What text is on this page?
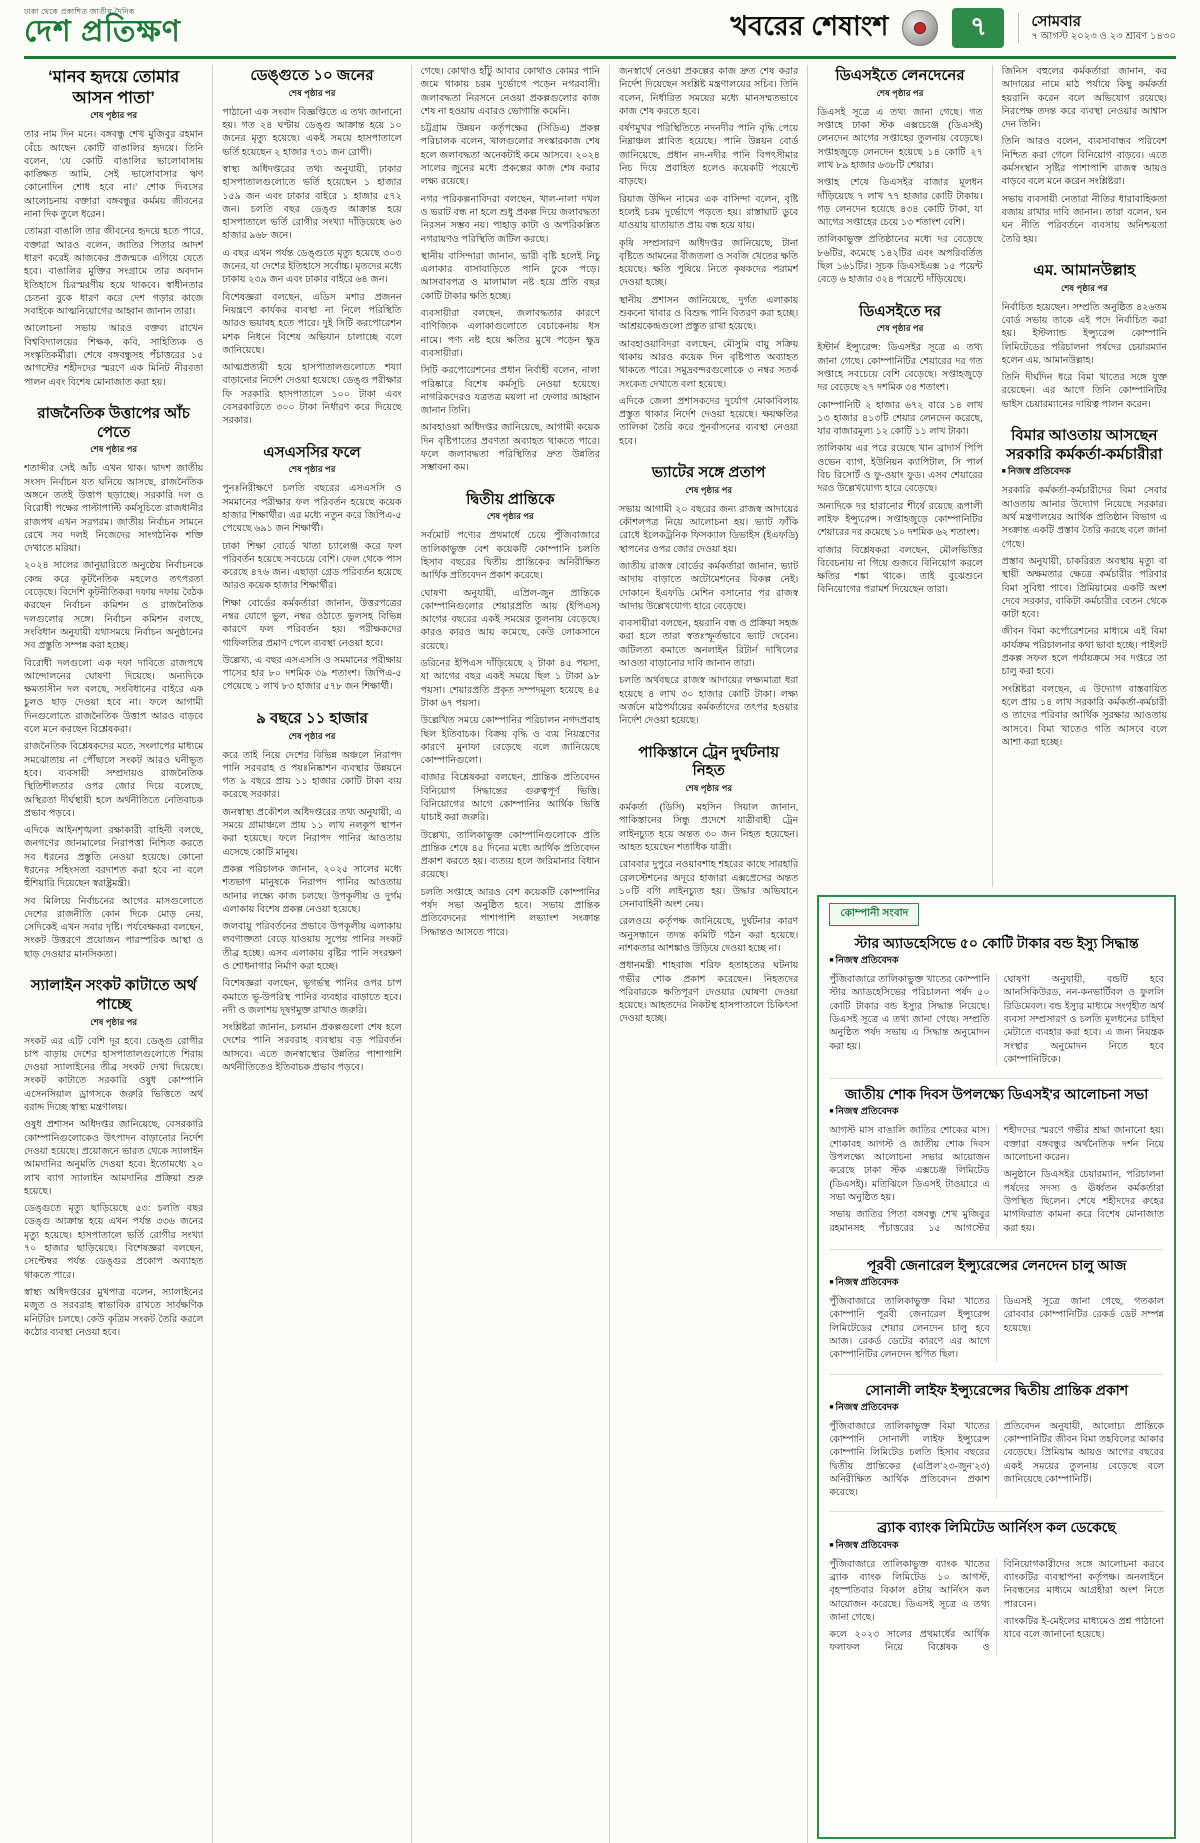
ঢাকা থেকে প্রকাশিত জাতীয় দৈনিক
দেশ প্রতিক্ষণ	খবরের শেষাংশ	৭	সোমবার
৭ আগস্ট ২০২৩ ও ২৩ শ্রাবণ ১৪৩০
‘মানব হৃদয়ে তোমার আসন পাতা’
শেষ পৃষ্ঠার পর

তার নাম দিন মনে। বঙ্গবন্ধু শেখ মুজিবুর রহমান বেঁচে আছেন কোটি বাঙালির হৃদয়ে। তিনি বলেন, ‘যে কোটি বাঙালির ভালোবাসায় কাঙ্ক্ষিত আমি, সেই ভালোবাসার ঋণ কোনোদিন শোধ হবে না।’ শোক দিবসের আলোচনায় বক্তারা বঙ্গবন্ধুর কর্মময় জীবনের নানা দিক তুলে ধরেন।

তোমরা বাঙালি তার জীবনের হৃদয়ে হতে পারে, বক্তারা আরও বলেন, জাতির পিতার আদর্শ ধারণ করেই আজকের প্রজন্মকে এগিয়ে যেতে হবে। বাঙালির মুক্তির সংগ্রামে তার অবদান ইতিহাসে চিরস্মরণীয় হয়ে থাকবে। স্বাধীনতার চেতনা বুকে ধারণ করে দেশ গড়ার কাজে সবাইকে আত্মনিয়োগের আহ্বান জানান তারা।

আলোচনা সভায় আরও বক্তব্য রাখেন বিশ্ববিদ্যালয়ের শিক্ষক, কবি, সাহিত্যিক ও সংস্কৃতিকর্মীরা। শেষে বঙ্গবন্ধুসহ পঁচাত্তরের ১৫ আগস্টের শহীদদের স্মরণে এক মিনিট নীরবতা পালন এবং বিশেষ মোনাজাত করা হয়।

রাজনৈতিক উত্তাপের আঁচ পেতে
শেষ পৃষ্ঠার পর

শতাব্দীর সেই আঁচ এখন থাক। দ্বাদশ জাতীয় সংসদ নির্বাচন যত ঘনিয়ে আসছে, রাজনৈতিক অঙ্গনে ততই উত্তাপ ছড়াচ্ছে। সরকারি দল ও বিরোধী পক্ষের পাল্টাপাল্টি কর্মসূচিতে রাজধানীর রাজপথ এখন সরগরম। জাতীয় নির্বাচন সামনে রেখে সব দলই নিজেদের সাংগঠনিক শক্তি দেখাতে মরিয়া।

২০২৪ সালের জানুয়ারিতে অনুষ্ঠেয় নির্বাচনকে কেন্দ্র করে কূটনৈতিক মহলেও তৎপরতা বেড়েছে। বিদেশি কূটনীতিকরা দফায় দফায় বৈঠক করছেন নির্বাচন কমিশন ও রাজনৈতিক দলগুলোর সঙ্গে। নির্বাচন কমিশন বলছে, সংবিধান অনুযায়ী যথাসময়ে নির্বাচন অনুষ্ঠানের সব প্রস্তুতি সম্পন্ন করা হচ্ছে।

বিরোধী দলগুলো এক দফা দাবিতে রাজপথে আন্দোলনের ঘোষণা দিয়েছে। অন্যদিকে ক্ষমতাসীন দল বলছে, সংবিধানের বাইরে এক চুলও ছাড় দেওয়া হবে না। ফলে আগামী দিনগুলোতে রাজনৈতিক উত্তাপ আরও বাড়বে বলে মনে করছেন বিশ্লেষকরা।

রাজনৈতিক বিশ্লেষকদের মতে, সংলাপের মাধ্যমে সমঝোতায় না পৌঁছালে সংকট আরও ঘনীভূত হবে। ব্যবসায়ী সম্প্রদায়ও রাজনৈতিক স্থিতিশীলতার ওপর জোর দিয়ে বলেছে, অস্থিরতা দীর্ঘস্থায়ী হলে অর্থনীতিতে নেতিবাচক প্রভাব পড়বে।

এদিকে আইনশৃঙ্খলা রক্ষাকারী বাহিনী বলছে, জনগণের জানমালের নিরাপত্তা নিশ্চিত করতে সব ধরনের প্রস্তুতি নেওয়া হয়েছে। কোনো ধরনের সহিংসতা বরদাশত করা হবে না বলে হুঁশিয়ারি দিয়েছেন স্বরাষ্ট্রমন্ত্রী।

সব মিলিয়ে নির্বাচনের আগের মাসগুলোতে দেশের রাজনীতি কোন দিকে মোড় নেয়, সেদিকেই এখন সবার দৃষ্টি। পর্যবেক্ষকরা বলছেন, সংকট উত্তরণে প্রয়োজন পারস্পরিক আস্থা ও ছাড় দেওয়ার মানসিকতা।

স্যালাইন সংকট কাটাতে অর্থ পাচ্ছে
শেষ পৃষ্ঠার পর

সংকট এর এটি বেশি দূর হবে। ডেঙ্গু রোগীর চাপ বাড়ায় দেশের হাসপাতালগুলোতে শিরায় দেওয়া স্যালাইনের তীব্র সংকট দেখা দিয়েছে। সংকট কাটাতে সরকারি ওষুধ কোম্পানি এসেনসিয়াল ড্রাগসকে জরুরি ভিত্তিতে অর্থ বরাদ্দ দিচ্ছে স্বাস্থ্য মন্ত্রণালয়।

ওষুধ প্রশাসন অধিদপ্তর জানিয়েছে, বেসরকারি কোম্পানিগুলোকেও উৎপাদন বাড়ানোর নির্দেশ দেওয়া হয়েছে। প্রয়োজনে ভারত থেকে স্যালাইন আমদানির অনুমতি দেওয়া হবে। ইতোমধ্যে ২০ লাখ ব্যাগ স্যালাইন আমদানির প্রক্রিয়া শুরু হয়েছে।

ডেঙ্গুতে মৃত্যু ছাড়িয়েছে ৫৩: চলতি বছর ডেঙ্গু আক্রান্ত হয়ে এখন পর্যন্ত ৩৩৬ জনের মৃত্যু হয়েছে। হাসপাতালে ভর্তি রোগীর সংখ্যা ৭০ হাজার ছাড়িয়েছে। বিশেষজ্ঞরা বলছেন, সেপ্টেম্বর পর্যন্ত ডেঙ্গুর প্রকোপ অব্যাহত থাকতে পারে।

স্বাস্থ্য অধিদপ্তরের মুখপাত্র বলেন, স্যালাইনের মজুত ও সরবরাহ স্বাভাবিক রাখতে সার্বক্ষণিক মনিটরিং চলছে। কেউ কৃত্রিম সংকট তৈরি করলে কঠোর ব্যবস্থা নেওয়া হবে।

ডেঙ্গুতে ১০ জনের
শেষ পৃষ্ঠার পর

পাঠানো এক সংবাদ বিজ্ঞপ্তিতে এ তথ্য জানানো হয়। গত ২৪ ঘণ্টায় ডেঙ্গু আক্রান্ত হয়ে ১০ জনের মৃত্যু হয়েছে। একই সময়ে হাসপাতালে ভর্তি হয়েছেন ২ হাজার ৭৩১ জন রোগী।

স্বাস্থ্য অধিদপ্তরের তথ্য অনুযায়ী, ঢাকার হাসপাতালগুলোতে ভর্তি হয়েছেন ১ হাজার ১৫৯ জন এবং ঢাকার বাইরে ১ হাজার ৫৭২ জন। চলতি বছর ডেঙ্গু আক্রান্ত হয়ে হাসপাতালে ভর্তি রোগীর সংখ্যা দাঁড়িয়েছে ৬৩ হাজার ৯৬৮ জনে।

এ বছর এখন পর্যন্ত ডেঙ্গুতে মৃত্যু হয়েছে ৩০৩ জনের, যা দেশের ইতিহাসে সর্বোচ্চ। মৃতদের মধ্যে ঢাকায় ২৩৯ জন এবং ঢাকার বাইরে ৬৪ জন।

বিশেষজ্ঞরা বলছেন, এডিস মশার প্রজনন নিয়ন্ত্রণে কার্যকর ব্যবস্থা না নিলে পরিস্থিতি আরও ভয়াবহ হতে পারে। দুই সিটি করপোরেশন মশক নিধনে বিশেষ অভিযান চালাচ্ছে বলে জানিয়েছে।

আত্মপ্রত্যয়ী হয়ে হাসপাতালগুলোতে শয্যা বাড়ানোর নির্দেশ দেওয়া হয়েছে। ডেঙ্গু পরীক্ষার ফি সরকারি হাসপাতালে ১০০ টাকা এবং বেসরকারিতে ৩০০ টাকা নির্ধারণ করে দিয়েছে সরকার।

এসএসসির ফলে
শেষ পৃষ্ঠার পর

পুনঃনিরীক্ষণে চলতি বছরের এসএসসি ও সমমানের পরীক্ষার ফল পরিবর্তন হয়েছে কয়েক হাজার শিক্ষার্থীর। এর মধ্যে নতুন করে জিপিএ-৫ পেয়েছে ৬৯১ জন শিক্ষার্থী।

ঢাকা শিক্ষা বোর্ডে খাতা চ্যালেঞ্জ করে ফল পরিবর্তন হয়েছে সবচেয়ে বেশি। ফেল থেকে পাস করেছে ৪৭৬ জন। এছাড়া গ্রেড পরিবর্তন হয়েছে আরও কয়েক হাজার শিক্ষার্থীর।

শিক্ষা বোর্ডের কর্মকর্তারা জানান, উত্তরপত্রের নম্বর যোগে ভুল, নম্বর ওঠাতে ভুলসহ বিভিন্ন কারণে ফল পরিবর্তন হয়। পরীক্ষকদের গাফিলতির প্রমাণ পেলে ব্যবস্থা নেওয়া হবে।

উল্লেখ্য, এ বছর এসএসসি ও সমমানের পরীক্ষায় পাসের হার ৮০ দশমিক ৩৯ শতাংশ। জিপিএ-৫ পেয়েছে ১ লাখ ৮৩ হাজার ৫৭৮ জন শিক্ষার্থী।

৯ বছরে ১১ হাজার
শেষ পৃষ্ঠার পর

করে তাই নিয়ে দেশের বিভিন্ন অঞ্চলে নিরাপদ পানি সরবরাহ ও পয়ঃনিষ্কাশন ব্যবস্থার উন্নয়নে গত ৯ বছরে প্রায় ১১ হাজার কোটি টাকা ব্যয় করেছে সরকার।

জনস্বাস্থ্য প্রকৌশল অধিদপ্তরের তথ্য অনুযায়ী, এ সময়ে গ্রামাঞ্চলে প্রায় ১১ লাখ নলকূপ স্থাপন করা হয়েছে। ফলে নিরাপদ পানির আওতায় এসেছে কোটি মানুষ।

প্রকল্প পরিচালক জানান, ২০২৫ সালের মধ্যে শতভাগ মানুষকে নিরাপদ পানির আওতায় আনার লক্ষ্যে কাজ চলছে। উপকূলীয় ও দুর্গম এলাকায় বিশেষ প্রকল্প নেওয়া হয়েছে।

জলবায়ু পরিবর্তনের প্রভাবে উপকূলীয় এলাকায় লবণাক্ততা বেড়ে যাওয়ায় সুপেয় পানির সংকট তীব্র হচ্ছে। এসব এলাকায় বৃষ্টির পানি সংরক্ষণ ও শোধনাগার নির্মাণ করা হচ্ছে।

বিশেষজ্ঞরা বলছেন, ভূগর্ভস্থ পানির ওপর চাপ কমাতে ভূ-উপরিস্থ পানির ব্যবহার বাড়াতে হবে। নদী ও জলাশয় দূষণমুক্ত রাখাও জরুরি।

সংশ্লিষ্টরা জানান, চলমান প্রকল্পগুলো শেষ হলে দেশের পানি সরবরাহ ব্যবস্থায় বড় পরিবর্তন আসবে। এতে জনস্বাস্থ্যের উন্নতির পাশাপাশি অর্থনীতিতেও ইতিবাচক প্রভাব পড়বে।

গেছে। কোথাও হাঁটু আবার কোথাও কোমর পানি জমে থাকায় চরম দুর্ভোগে পড়েন নগরবাসী। জলাবদ্ধতা নিরসনে নেওয়া প্রকল্পগুলোর কাজ শেষ না হওয়ায় এবারও ভোগান্তি কমেনি।

চট্টগ্রাম উন্নয়ন কর্তৃপক্ষের (সিডিএ) প্রকল্প পরিচালক বলেন, খালগুলোর সংস্কারকাজ শেষ হলে জলাবদ্ধতা অনেকটাই কমে আসবে। ২০২৪ সালের জুনের মধ্যে প্রকল্পের কাজ শেষ করার লক্ষ্য রয়েছে।

নগর পরিকল্পনাবিদরা বলছেন, খাল-নালা দখল ও ভরাট বন্ধ না হলে শুধু প্রকল্প দিয়ে জলাবদ্ধতা নিরসন সম্ভব নয়। পাহাড় কাটা ও অপরিকল্পিত নগরায়ণও পরিস্থিতি জটিল করছে।

স্থানীয় বাসিন্দারা জানান, ভারী বৃষ্টি হলেই নিচু এলাকার বাসাবাড়িতে পানি ঢুকে পড়ে। আসবাবপত্র ও মালামাল নষ্ট হয়ে প্রতি বছর কোটি টাকার ক্ষতি হচ্ছে।

ব্যবসায়ীরা বলছেন, জলাবদ্ধতার কারণে বাণিজ্যিক এলাকাগুলোতে বেচাকেনায় ধস নামে। পণ্য নষ্ট হয়ে ক্ষতির মুখে পড়েন ক্ষুদ্র ব্যবসায়ীরা।

সিটি করপোরেশনের প্রধান নির্বাহী বলেন, নালা পরিষ্কারে বিশেষ কর্মসূচি নেওয়া হয়েছে। নাগরিকদেরও যত্রতত্র ময়লা না ফেলার আহ্বান জানান তিনি।

আবহাওয়া অধিদপ্তর জানিয়েছে, আগামী কয়েক দিন বৃষ্টিপাতের প্রবণতা অব্যাহত থাকতে পারে। ফলে জলাবদ্ধতা পরিস্থিতির দ্রুত উন্নতির সম্ভাবনা কম।

দ্বিতীয় প্রান্তিকে
শেষ পৃষ্ঠার পর

সর্বমোট পণ্যের প্রথমার্ধে চেয়ে পুঁজিবাজারে তালিকাভুক্ত বেশ কয়েকটি কোম্পানি চলতি হিসাব বছরের দ্বিতীয় প্রান্তিকের অনিরীক্ষিত আর্থিক প্রতিবেদন প্রকাশ করেছে।

ঘোষণা অনুযায়ী, এপ্রিল-জুন প্রান্তিকে কোম্পানিগুলোর শেয়ারপ্রতি আয় (ইপিএস) আগের বছরের একই সময়ের তুলনায় বেড়েছে। কারও কারও আয় কমেছে, কেউ লোকসানে রয়েছে।

ডরিনের ইপিএস দাঁড়িয়েছে ২ টাকা ৪৫ পয়সা, যা আগের বছর একই সময়ে ছিল ১ টাকা ৯৮ পয়সা। শেয়ারপ্রতি প্রকৃত সম্পদমূল্য হয়েছে ৪৫ টাকা ৬৭ পয়সা।

উল্লেখিত সময়ে কোম্পানির পরিচালন নগদপ্রবাহ ছিল ইতিবাচক। বিক্রয় বৃদ্ধি ও ব্যয় নিয়ন্ত্রণের কারণে মুনাফা বেড়েছে বলে জানিয়েছে কোম্পানিগুলো।

বাজার বিশ্লেষকরা বলছেন, প্রান্তিক প্রতিবেদন বিনিয়োগ সিদ্ধান্তের গুরুত্বপূর্ণ ভিত্তি। বিনিয়োগের আগে কোম্পানির আর্থিক ভিত্তি যাচাই করা জরুরি।

উল্লেখ্য, তালিকাভুক্ত কোম্পানিগুলোকে প্রতি প্রান্তিক শেষে ৪৫ দিনের মধ্যে আর্থিক প্রতিবেদন প্রকাশ করতে হয়। ব্যত্যয় হলে জরিমানার বিধান রয়েছে।

চলতি সপ্তাহে আরও বেশ কয়েকটি কোম্পানির পর্ষদ সভা অনুষ্ঠিত হবে। সভায় প্রান্তিক প্রতিবেদনের পাশাপাশি লভ্যাংশ সংক্রান্ত সিদ্ধান্তও আসতে পারে।

জনস্বার্থে নেওয়া প্রকল্পের কাজ দ্রুত শেষ করার নির্দেশ দিয়েছেন সংশ্লিষ্ট মন্ত্রণালয়ের সচিব। তিনি বলেন, নির্ধারিত সময়ের মধ্যে মানসম্মতভাবে কাজ শেষ করতে হবে।

বর্ষণমুখর পরিস্থিতিতে নদনদীর পানি বৃদ্ধি পেয়ে নিম্নাঞ্চল প্লাবিত হয়েছে। পানি উন্নয়ন বোর্ড জানিয়েছে, প্রধান নদ-নদীর পানি বিপৎসীমার নিচ দিয়ে প্রবাহিত হলেও কয়েকটি পয়েন্টে বাড়ছে।

রিয়াজ উদ্দিন নামের এক বাসিন্দা বলেন, বৃষ্টি হলেই চরম দুর্ভোগে পড়তে হয়। রাস্তাঘাট ডুবে যাওয়ায় যাতায়াত প্রায় বন্ধ হয়ে যায়।

কৃষি সম্প্রসারণ অধিদপ্তর জানিয়েছে, টানা বৃষ্টিতে আমনের বীজতলা ও সবজি খেতের ক্ষতি হয়েছে। ক্ষতি পুষিয়ে নিতে কৃষকদের পরামর্শ দেওয়া হচ্ছে।

স্থানীয় প্রশাসন জানিয়েছে, দুর্গত এলাকায় শুকনো খাবার ও বিশুদ্ধ পানি বিতরণ করা হচ্ছে। আশ্রয়কেন্দ্রগুলো প্রস্তুত রাখা হয়েছে।

আবহাওয়াবিদরা বলছেন, মৌসুমি বায়ু সক্রিয় থাকায় আরও কয়েক দিন বৃষ্টিপাত অব্যাহত থাকতে পারে। সমুদ্রবন্দরগুলোকে ৩ নম্বর সতর্ক সংকেত দেখাতে বলা হয়েছে।

এদিকে জেলা প্রশাসকদের দুর্যোগ মোকাবিলায় প্রস্তুত থাকার নির্দেশ দেওয়া হয়েছে। ক্ষয়ক্ষতির তালিকা তৈরি করে পুনর্বাসনের ব্যবস্থা নেওয়া হবে।

ভ্যাটের সঙ্গে প্রতাপ
শেষ পৃষ্ঠার পর

সভায় আগামী ২০ বছরের জন্য রাজস্ব আদায়ের কৌশলপত্র নিয়ে আলোচনা হয়। ভ্যাট ফাঁকি রোধে ইলেকট্রনিক ফিসক্যাল ডিভাইস (ইএফডি) স্থাপনের ওপর জোর দেওয়া হয়।

জাতীয় রাজস্ব বোর্ডের কর্মকর্তারা জানান, ভ্যাট আদায় বাড়াতে অটোমেশনের বিকল্প নেই। দোকানে ইএফডি মেশিন বসানোর পর রাজস্ব আদায় উল্লেখযোগ্য হারে বেড়েছে।

ব্যবসায়ীরা বলছেন, হয়রানি বন্ধ ও প্রক্রিয়া সহজ করা হলে তারা স্বতঃস্ফূর্তভাবে ভ্যাট দেবেন। জটিলতা কমাতে অনলাইন রিটার্ন দাখিলের আওতা বাড়ানোর দাবি জানান তারা।

চলতি অর্থবছরে রাজস্ব আদায়ের লক্ষ্যমাত্রা ধরা হয়েছে ৪ লাখ ৩০ হাজার কোটি টাকা। লক্ষ্য অর্জনে মাঠপর্যায়ের কর্মকর্তাদের তৎপর হওয়ার নির্দেশ দেওয়া হয়েছে।

পাকিস্তানে ট্রেন দুর্ঘটনায় নিহত
শেষ পৃষ্ঠার পর

কর্মকর্তা (ডিসি) মহসিন সিয়াল জানান, পাকিস্তানের সিন্ধু প্রদেশে যাত্রীবাহী ট্রেন লাইনচ্যুত হয়ে অন্তত ৩০ জন নিহত হয়েছেন। আহত হয়েছেন শতাধিক যাত্রী।

রোববার দুপুরে নওয়াবশাহ শহরের কাছে সারহারি রেলস্টেশনের অদূরে হাজারা এক্সপ্রেসের অন্তত ১০টি বগি লাইনচ্যুত হয়। উদ্ধার অভিযানে সেনাবাহিনী অংশ নেয়।

রেলওয়ে কর্তৃপক্ষ জানিয়েছে, দুর্ঘটনার কারণ অনুসন্ধানে তদন্ত কমিটি গঠন করা হয়েছে। নাশকতার আশঙ্কাও উড়িয়ে দেওয়া হচ্ছে না।

প্রধানমন্ত্রী শাহবাজ শরিফ হতাহতের ঘটনায় গভীর শোক প্রকাশ করেছেন। নিহতদের পরিবারকে ক্ষতিপূরণ দেওয়ার ঘোষণা দেওয়া হয়েছে। আহতদের নিকটস্থ হাসপাতালে চিকিৎসা দেওয়া হচ্ছে।

ডিএসইতে লেনদেনের
শেষ পৃষ্ঠার পর

ডিএসই সূত্রে এ তথ্য জানা গেছে। গত সপ্তাহে ঢাকা স্টক এক্সচেঞ্জে (ডিএসই) লেনদেন আগের সপ্তাহের তুলনায় বেড়েছে। সপ্তাহজুড়ে লেনদেন হয়েছে ১৪ কোটি ২৭ লাখ ৮৯ হাজার ৬৩৮টি শেয়ার।

সপ্তাহ শেষে ডিএসইর বাজার মূলধন দাঁড়িয়েছে ৭ লাখ ৭৭ হাজার কোটি টাকায়। গড় লেনদেন হয়েছে ৪৩৪ কোটি টাকা, যা আগের সপ্তাহের চেয়ে ১৩ শতাংশ বেশি।

তালিকাভুক্ত প্রতিষ্ঠানের মধ্যে দর বেড়েছে ৮৬টির, কমেছে ১৪২টির এবং অপরিবর্তিত ছিল ১৬১টির। সূচক ডিএসইএক্স ১৫ পয়েন্ট বেড়ে ৬ হাজার ৩২৪ পয়েন্টে দাঁড়িয়েছে।

ডিএসইতে দর
শেষ পৃষ্ঠার পর

ইস্টার্ন ইন্স্যুরেন্স: ডিএসইর সূত্রে এ তথ্য জানা গেছে। কোম্পানিটির শেয়ারের দর গত সপ্তাহে সবচেয়ে বেশি বেড়েছে। সপ্তাহজুড়ে দর বেড়েছে ২৭ দশমিক ৩৪ শতাংশ।

কোম্পানিটি ২ হাজার ৬৭২ বারে ১৪ লাখ ১৩ হাজার ৪১৩টি শেয়ার লেনদেন করেছে, যার বাজারমূল্য ১২ কোটি ১১ লাখ টাকা।

তালিকায় এর পরে রয়েছে খান ব্রাদার্স পিপি ওভেন ব্যাগ, ইউনিয়ন ক্যাপিটাল, সি পার্ল বিচ রিসোর্ট ও ফু-ওয়াং ফুড। এসব শেয়ারের দরও উল্লেখযোগ্য হারে বেড়েছে।

অন্যদিকে দর হারানোর শীর্ষে রয়েছে রূপালী লাইফ ইন্স্যুরেন্স। সপ্তাহজুড়ে কোম্পানিটির শেয়ারের দর কমেছে ১০ দশমিক ৬২ শতাংশ।

বাজার বিশ্লেষকরা বলছেন, মৌলভিত্তির বিবেচনায় না গিয়ে গুজবে বিনিয়োগ করলে ক্ষতির শঙ্কা থাকে। তাই বুঝেশুনে বিনিয়োগের পরামর্শ দিয়েছেন তারা।

জিনিস বহুলের কর্মকর্তারা জানান, কর আদায়ের নামে মাঠ পর্যায়ে কিছু কর্মকর্তা হয়রানি করেন বলে অভিযোগ রয়েছে। নিরপেক্ষ তদন্ত করে ব্যবস্থা নেওয়ার আশ্বাস দেন তিনি।

তিনি আরও বলেন, ব্যবসাবান্ধব পরিবেশ নিশ্চিত করা গেলে বিনিয়োগ বাড়বে। এতে কর্মসংস্থান সৃষ্টির পাশাপাশি রাজস্ব আয়ও বাড়বে বলে মনে করেন সংশ্লিষ্টরা।

সভায় ব্যবসায়ী নেতারা নীতির ধারাবাহিকতা বজায় রাখার দাবি জানান। তারা বলেন, ঘন ঘন নীতি পরিবর্তনে ব্যবসায় অনিশ্চয়তা তৈরি হয়।

এম. আমানউল্লাহ
শেষ পৃষ্ঠার পর

নির্বাচিত হয়েছেন। সম্প্রতি অনুষ্ঠিত ৪২৬তম বোর্ড সভায় তাকে এই পদে নির্বাচিত করা হয়। ইস্টল্যান্ড ইন্স্যুরেন্স কোম্পানি লিমিটেডের পরিচালনা পর্ষদের চেয়ারম্যান হলেন এম. আমানউল্লাহ।

তিনি দীর্ঘদিন ধরে বিমা খাতের সঙ্গে যুক্ত রয়েছেন। এর আগে তিনি কোম্পানিটির ভাইস চেয়ারম্যানের দায়িত্ব পালন করেন।

বিমার আওতায় আসছেন সরকারি কর্মকর্তা-কর্মচারীরা
■ নিজস্ব প্রতিবেদক

সরকারি কর্মকর্তা-কর্মচারীদের বিমা সেবার আওতায় আনার উদ্যোগ নিয়েছে সরকার। অর্থ মন্ত্রণালয়ের আর্থিক প্রতিষ্ঠান বিভাগ এ সংক্রান্ত একটি প্রস্তাব তৈরি করছে বলে জানা গেছে।

প্রস্তাব অনুযায়ী, চাকরিরত অবস্থায় মৃত্যু বা স্থায়ী অক্ষমতার ক্ষেত্রে কর্মচারীর পরিবার বিমা সুবিধা পাবে। প্রিমিয়ামের একটি অংশ দেবে সরকার, বাকিটা কর্মচারীর বেতন থেকে কাটা হবে।

জীবন বিমা কর্পোরেশনের মাধ্যমে এই বিমা কার্যক্রম পরিচালনার কথা ভাবা হচ্ছে। পাইলট প্রকল্প সফল হলে পর্যায়ক্রমে সব দপ্তরে তা চালু করা হবে।

সংশ্লিষ্টরা বলছেন, এ উদ্যোগ বাস্তবায়িত হলে প্রায় ১৪ লাখ সরকারি কর্মকর্তা-কর্মচারী ও তাদের পরিবার আর্থিক সুরক্ষার আওতায় আসবে। বিমা খাতেও গতি আসবে বলে আশা করা হচ্ছে।

কোম্পানী সংবাদ
স্টার অ্যাডহেসিভে ৫০ কোটি টাকার বন্ড ইস্যু সিদ্ধান্ত
■ নিজস্ব প্রতিবেদক

পুঁজিবাজারে তালিকাভুক্ত খাতের কোম্পানি স্টার অ্যাডহেসিভের পরিচালনা পর্ষদ ৫০ কোটি টাকার বন্ড ইস্যুর সিদ্ধান্ত নিয়েছে। ডিএসই সূত্রে এ তথ্য জানা গেছে। সম্প্রতি অনুষ্ঠিত পর্ষদ সভায় এ সিদ্ধান্ত অনুমোদন করা হয়।

ঘোষণা অনুযায়ী, বন্ডটি হবে আনসিকিউরড, নন-কনভার্টিবল ও ফুললি রিডিমেবল। বন্ড ইস্যুর মাধ্যমে সংগৃহীত অর্থ ব্যবসা সম্প্রসারণ ও চলতি মূলধনের চাহিদা মেটাতে ব্যবহার করা হবে। এ জন্য নিয়ন্ত্রক সংস্থার অনুমোদন নিতে হবে কোম্পানিটিকে।

জাতীয় শোক দিবস উপলক্ষ্যে ডিএসই'র আলোচনা সভা
■ নিজস্ব প্রতিবেদক

আগস্ট মাস বাঙালি জাতির শোকের মাস। শোকাবহ আগস্ট ও জাতীয় শোক দিবস উপলক্ষ্যে আলোচনা সভার আয়োজন করেছে ঢাকা স্টক এক্সচেঞ্জ লিমিটেড (ডিএসই)। মতিঝিলে ডিএসই টাওয়ারে এ সভা অনুষ্ঠিত হয়।

সভায় জাতির পিতা বঙ্গবন্ধু শেখ মুজিবুর রহমানসহ পঁচাত্তরের ১৫ আগস্টের শহীদদের স্মরণে গভীর শ্রদ্ধা জানানো হয়। বক্তারা বঙ্গবন্ধুর অর্থনৈতিক দর্শন নিয়ে আলোচনা করেন।

অনুষ্ঠানে ডিএসইর চেয়ারম্যান, পরিচালনা পর্ষদের সদস্য ও ঊর্ধ্বতন কর্মকর্তারা উপস্থিত ছিলেন। শেষে শহীদদের রুহের মাগফিরাত কামনা করে বিশেষ মোনাজাত করা হয়।

পূরবী জেনারেল ইন্স্যুরেন্সের লেনদেন চালু আজ
■ নিজস্ব প্রতিবেদক

পুঁজিবাজারে তালিকাভুক্ত বিমা খাতের কোম্পানি পূরবী জেনারেল ইন্স্যুরেন্স লিমিটেডের শেয়ার লেনদেন চালু হবে আজ। রেকর্ড ডেটের কারণে এর আগে কোম্পানিটির লেনদেন স্থগিত ছিল।

ডিএসই সূত্রে জানা গেছে, গতকাল রোববার কোম্পানিটির রেকর্ড ডেট সম্পন্ন হয়েছে।

সোনালী লাইফ ইন্স্যুরেন্সের দ্বিতীয় প্রান্তিক প্রকাশ
■ নিজস্ব প্রতিবেদক

পুঁজিবাজারে তালিকাভুক্ত বিমা খাতের কোম্পানি সোনালী লাইফ ইন্স্যুরেন্স কোম্পানি লিমিটেড চলতি হিসাব বছরের দ্বিতীয় প্রান্তিকের (এপ্রিল’২৩-জুন’২৩) অনিরীক্ষিত আর্থিক প্রতিবেদন প্রকাশ করেছে।

প্রতিবেদন অনুযায়ী, আলোচ্য প্রান্তিকে কোম্পানিটির জীবন বিমা তহবিলের আকার বেড়েছে। প্রিমিয়াম আয়ও আগের বছরের একই সময়ের তুলনায় বেড়েছে বলে জানিয়েছে কোম্পানিটি।

ব্র্যাক ব্যাংক লিমিটেড আর্নিংস কল ডেকেছে
■ নিজস্ব প্রতিবেদক

পুঁজিবাজারে তালিকাভুক্ত ব্যাংক খাতের ব্র্যাক ব্যাংক লিমিটেড ১০ আগস্ট, বৃহস্পতিবার বিকাল ৪টায় আর্নিংস কল আয়োজন করেছে। ডিএসই সূত্রে এ তথ্য জানা গেছে।

কলে ২০২৩ সালের প্রথমার্ধের আর্থিক ফলাফল নিয়ে বিশ্লেষক ও বিনিয়োগকারীদের সঙ্গে আলোচনা করবে ব্যাংকটির ব্যবস্থাপনা কর্তৃপক্ষ। অনলাইনে নিবন্ধনের মাধ্যমে আগ্রহীরা অংশ নিতে পারবেন।

ব্যাংকটির ই-মেইলের মাধ্যমেও প্রশ্ন পাঠানো যাবে বলে জানানো হয়েছে।
